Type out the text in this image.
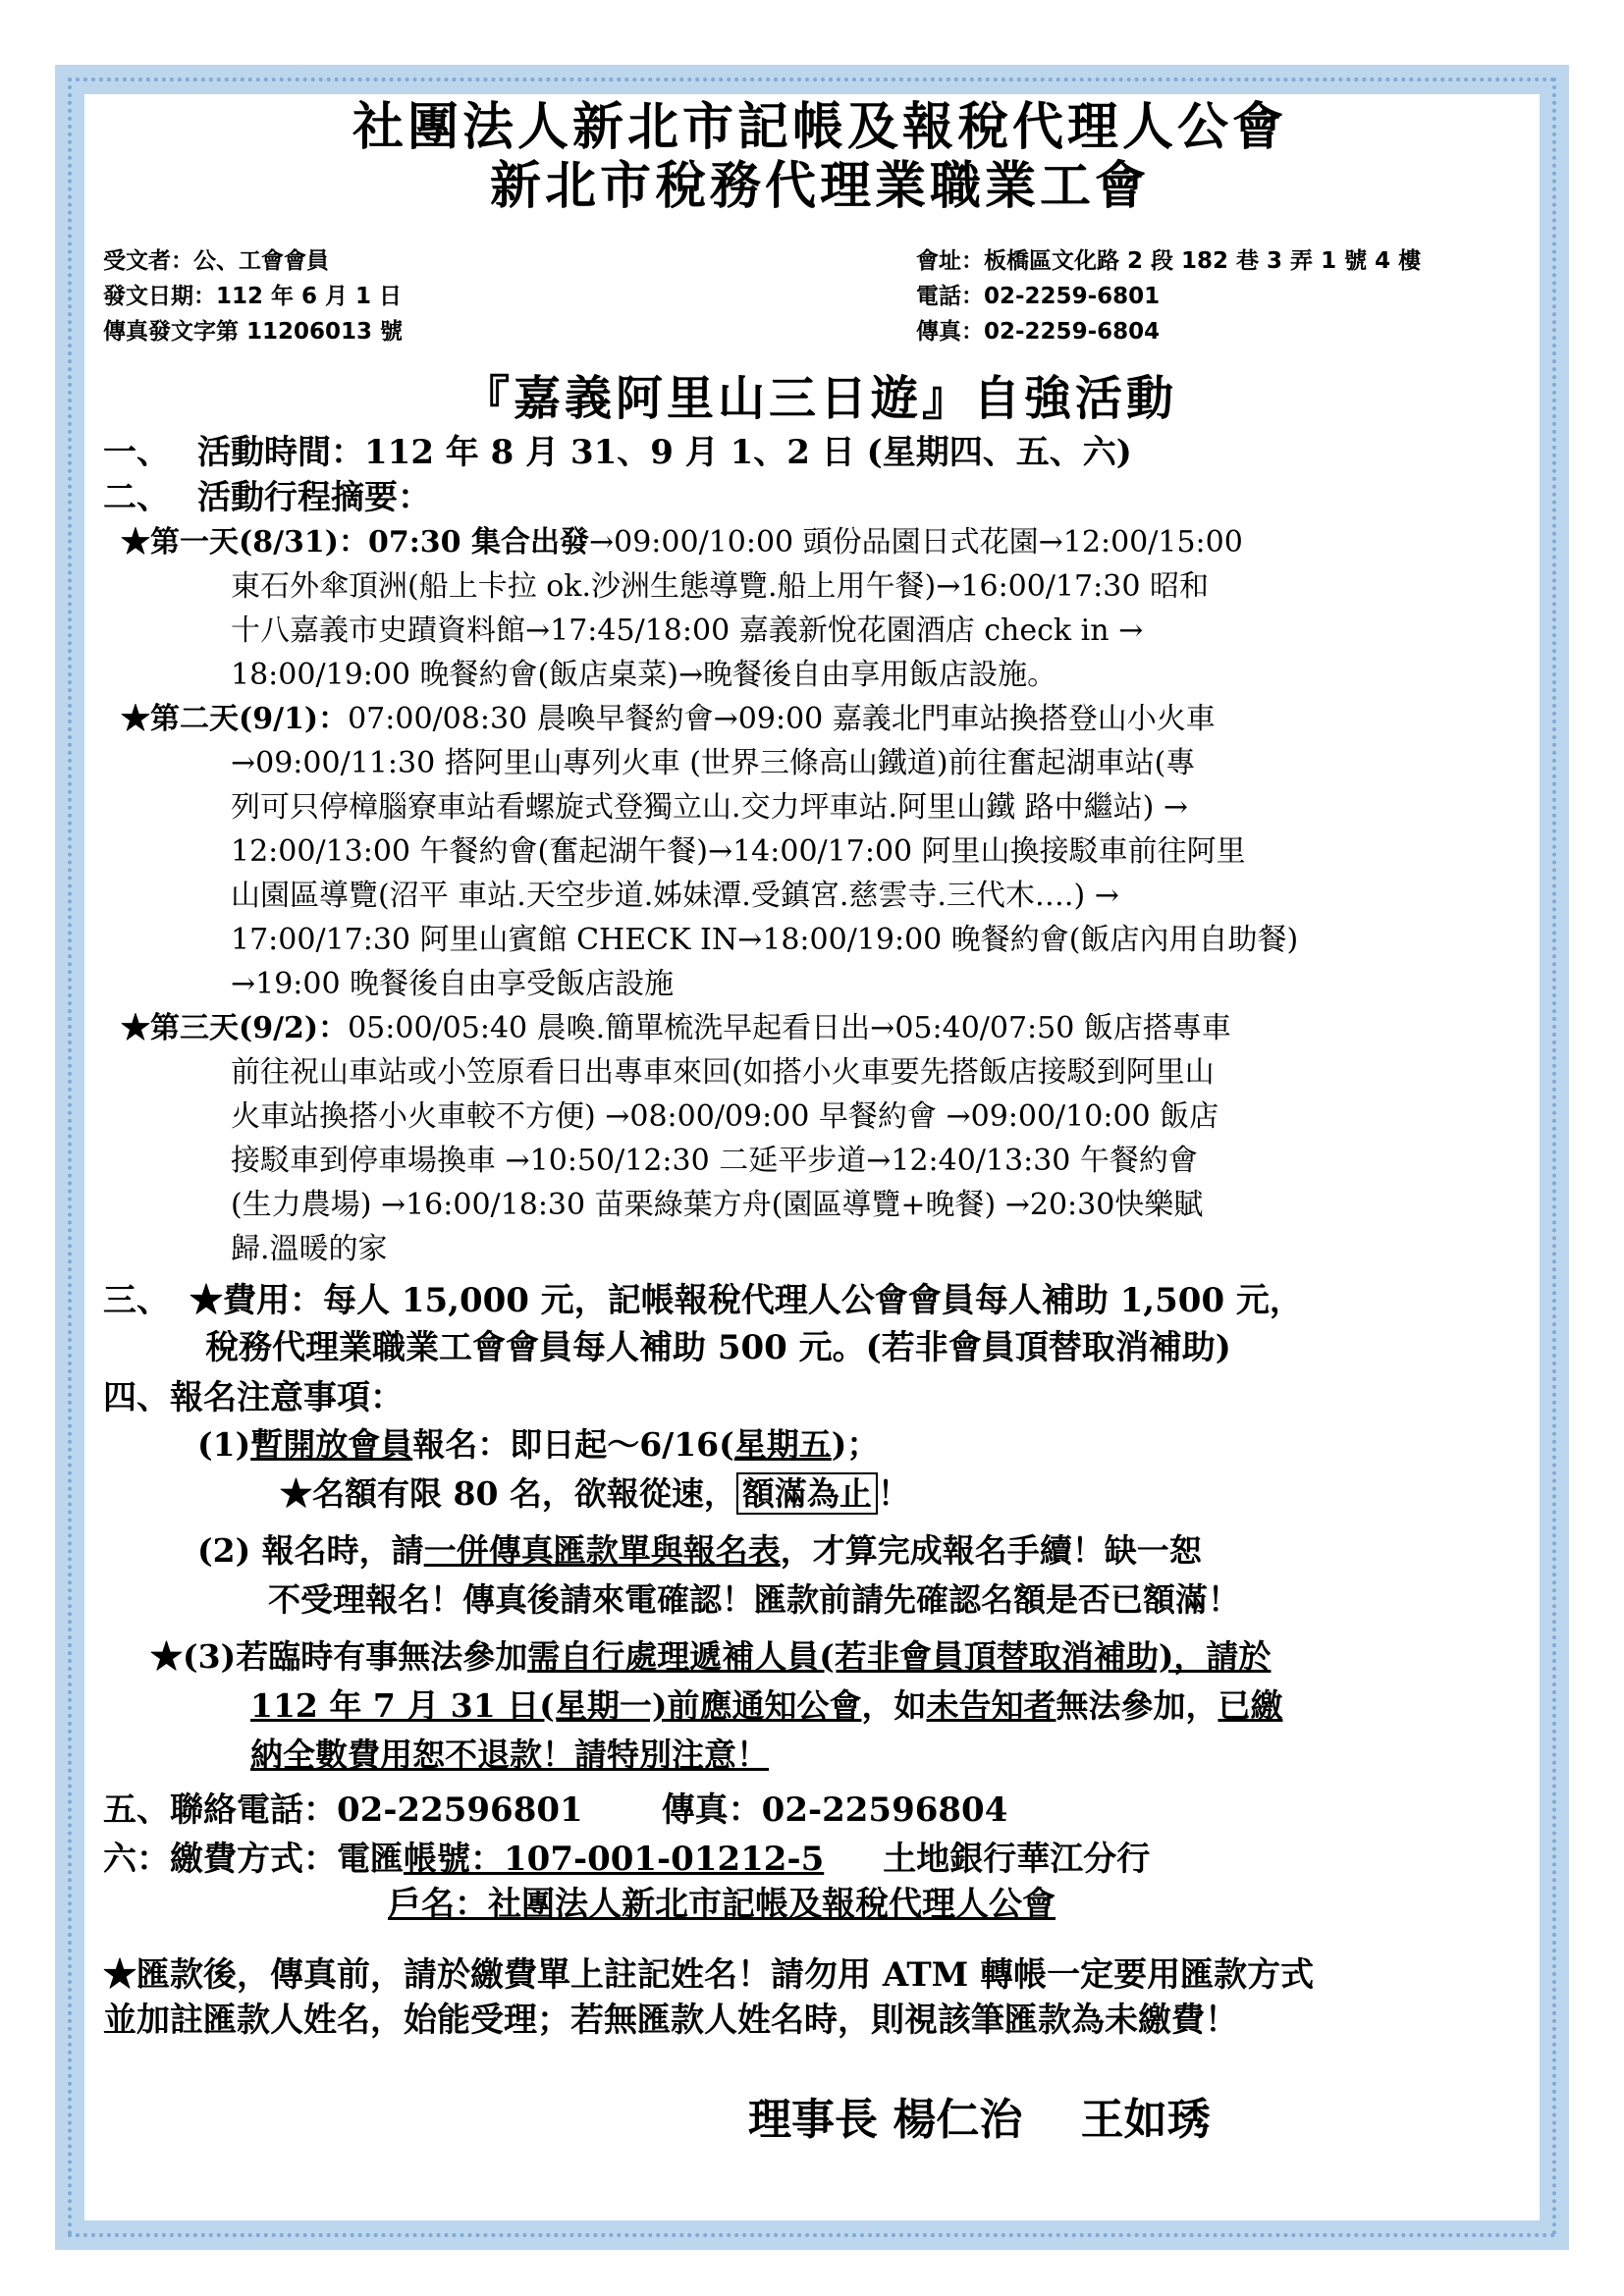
社團法人新北市記帳及報稅代理人公會
新北市稅務代理業職業工會
受文者：公、工會會員
發文日期：112 年 6 月 1 日
傳真發文字第 11206013 號
會址：板橋區文化路 2 段 182 巷 3 弄 1 號 4 樓
電話：02-2259-6801
傳真：02-2259-6804
『嘉義阿里山三日遊』自強活動
一、 活動時間：112 年 8 月 31、9 月 1、2 日 (星期四、五、六)
二、 活動行程摘要：
★第一天(8/31)：07:30 集合出發→09:00/10:00 頭份品園日式花園→12:00/15:00
東石外傘頂洲(船上卡拉 ok.沙洲生態導覽.船上用午餐)→16:00/17:30 昭和
十八嘉義市史蹟資料館→17:45/18:00 嘉義新悅花園酒店 check in →
18:00/19:00 晚餐約會(飯店桌菜)→晚餐後自由享用飯店設施。
★第二天(9/1)：07:00/08:30 晨喚早餐約會→09:00 嘉義北門車站換搭登山小火車
→09:00/11:30 搭阿里山專列火車 (世界三條高山鐵道)前往奮起湖車站(專
列可只停樟腦寮車站看螺旋式登獨立山.交力坪車站.阿里山鐵 路中繼站) →
12:00/13:00 午餐約會(奮起湖午餐)→14:00/17:00 阿里山換接駁車前往阿里
山園區導覽(沼平 車站.天空步道.姊妹潭.受鎮宮.慈雲寺.三代木….) →
17:00/17:30 阿里山賓館 CHECK IN→18:00/19:00 晚餐約會(飯店內用自助餐)
→19:00 晚餐後自由享受飯店設施
★第三天(9/2)：05:00/05:40 晨喚.簡單梳洗早起看日出→05:40/07:50 飯店搭專車
前往祝山車站或小笠原看日出專車來回(如搭小火車要先搭飯店接駁到阿里山
火車站換搭小火車較不方便) →08:00/09:00 早餐約會 →09:00/10:00 飯店
接駁車到停車場換車 →10:50/12:30 二延平步道→12:40/13:30 午餐約會
(生力農場) →16:00/18:30 苗栗綠葉方舟(園區導覽+晚餐) →20:30快樂賦
歸.溫暖的家
三、 ★費用：每人 15,000 元，記帳報稅代理人公會會員每人補助 1,500 元，
稅務代理業職業工會會員每人補助 500 元。(若非會員頂替取消補助)
四、報名注意事項：
(1)暫開放會員報名：即日起～6/16(星期五)；
★名額有限 80 名，欲報從速， 額滿為止 ！
(2) 報名時，請一併傳真匯款單與報名表，才算完成報名手續！缺一恕
不受理報名！傳真後請來電確認！匯款前請先確認名額是否已額滿！
★(3)若臨時有事無法參加需自行處理遞補人員(若非會員頂替取消補助)，請於
112 年 7 月 31 日(星期一)前應通知公會，如未告知者無法參加，已繳
納全數費用恕不退款！請特別注意！
五、聯絡電話：02-22596801 傳真：02-22596804
六：繳費方式：電匯帳號：107-001-01212-5 土地銀行華江分行
戶名：社團法人新北市記帳及報稅代理人公會
★匯款後，傳真前，請於繳費單上註記姓名！請勿用 ATM 轉帳一定要用匯款方式
並加註匯款人姓名，始能受理；若無匯款人姓名時，則視該筆匯款為未繳費！
理事長 楊仁治　 王如琇
